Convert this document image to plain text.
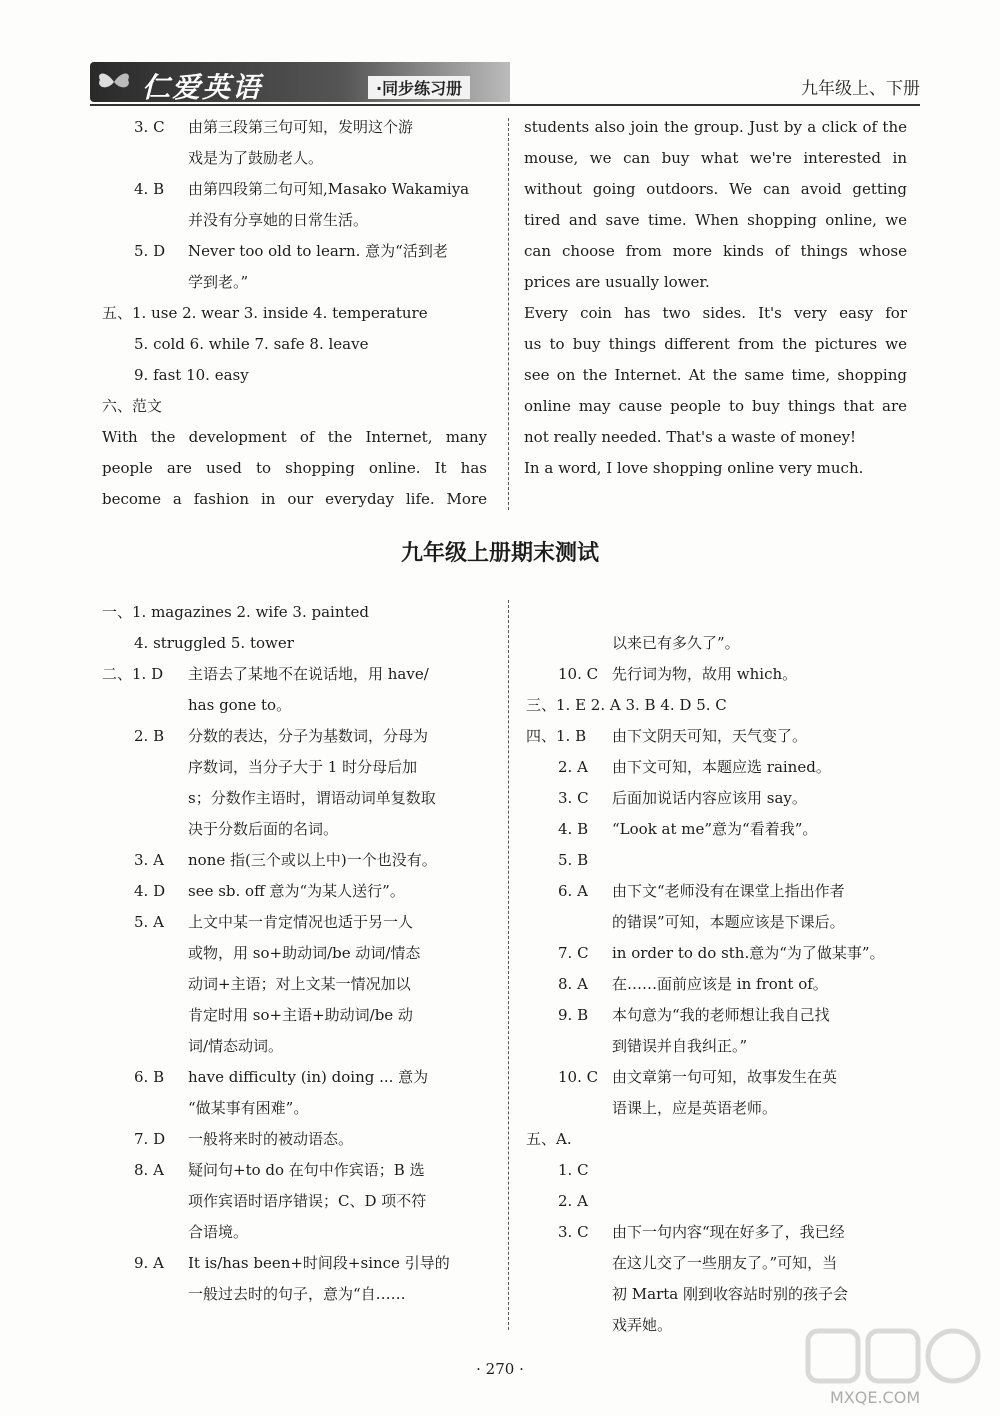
仁爱英语	·同步练习册	九年级上、下册
3. C 由第三段第三句可知，发明这个游
戏是为了鼓励老人。
4. B 由第四段第二句可知,Masako Wakamiya
并没有分享她的日常生活。
5. D Never too old to learn. 意为“活到老
学到老。”
五、1. use 2. wear 3. inside 4. temperature
5. cold 6. while 7. safe 8. leave
9. fast 10. easy
六、范文
With the development of the Internet, many
people are used to shopping online. It has
become a fashion in our everyday life. More
students also join the group. Just by a click of the
mouse, we can buy what we're interested in
without going outdoors. We can avoid getting
tired and save time. When shopping online, we
can choose from more kinds of things whose
prices are usually lower.
Every coin has two sides. It's very easy for
us to buy things different from the pictures we
see on the Internet. At the same time, shopping
online may cause people to buy things that are
not really needed. That's a waste of money!
In a word, I love shopping online very much.
九年级上册期末测试
一、1. magazines 2. wife 3. painted
4. struggled 5. tower
二、1. D 主语去了某地不在说话地，用 have/
has gone to。
2. B 分数的表达，分子为基数词，分母为
序数词，当分子大于 1 时分母后加
s；分数作主语时，谓语动词单复数取
决于分数后面的名词。
3. A none 指(三个或以上中)一个也没有。
4. D see sb. off 意为“为某人送行”。
5. A 上文中某一肯定情况也适于另一人
或物，用 so+助动词/be 动词/情态
动词+主语；对上文某一情况加以
肯定时用 so+主语+助动词/be 动
词/情态动词。
6. B have difficulty (in) doing ... 意为
“做某事有困难”。
7. D 一般将来时的被动语态。
8. A 疑问句+to do 在句中作宾语；B 选
项作宾语时语序错误；C、D 项不符
合语境。
9. A It is/has been+时间段+since 引导的
一般过去时的句子，意为“自……
以来已有多久了”。
10. C 先行词为物，故用 which。
三、1. E 2. A 3. B 4. D 5. C
四、1. B 由下文阴天可知，天气变了。
2. A 由下文可知，本题应选 rained。
3. C 后面加说话内容应该用 say。
4. B “Look at me”意为“看着我”。
5. B
6. A 由下文“老师没有在课堂上指出作者
的错误”可知，本题应该是下课后。
7. C in order to do sth.意为“为了做某事”。
8. A 在……面前应该是 in front of。
9. B 本句意为“我的老师想让我自己找
到错误并自我纠正。”
10. C 由文章第一句可知，故事发生在英
语课上，应是英语老师。
五、A.
1. C
2. A
3. C 由下一句内容“现在好多了，我已经
在这儿交了一些朋友了。”可知，当
初 Marta 刚到收容站时别的孩子会
戏弄她。
· 270 ·
MXQE.COM
